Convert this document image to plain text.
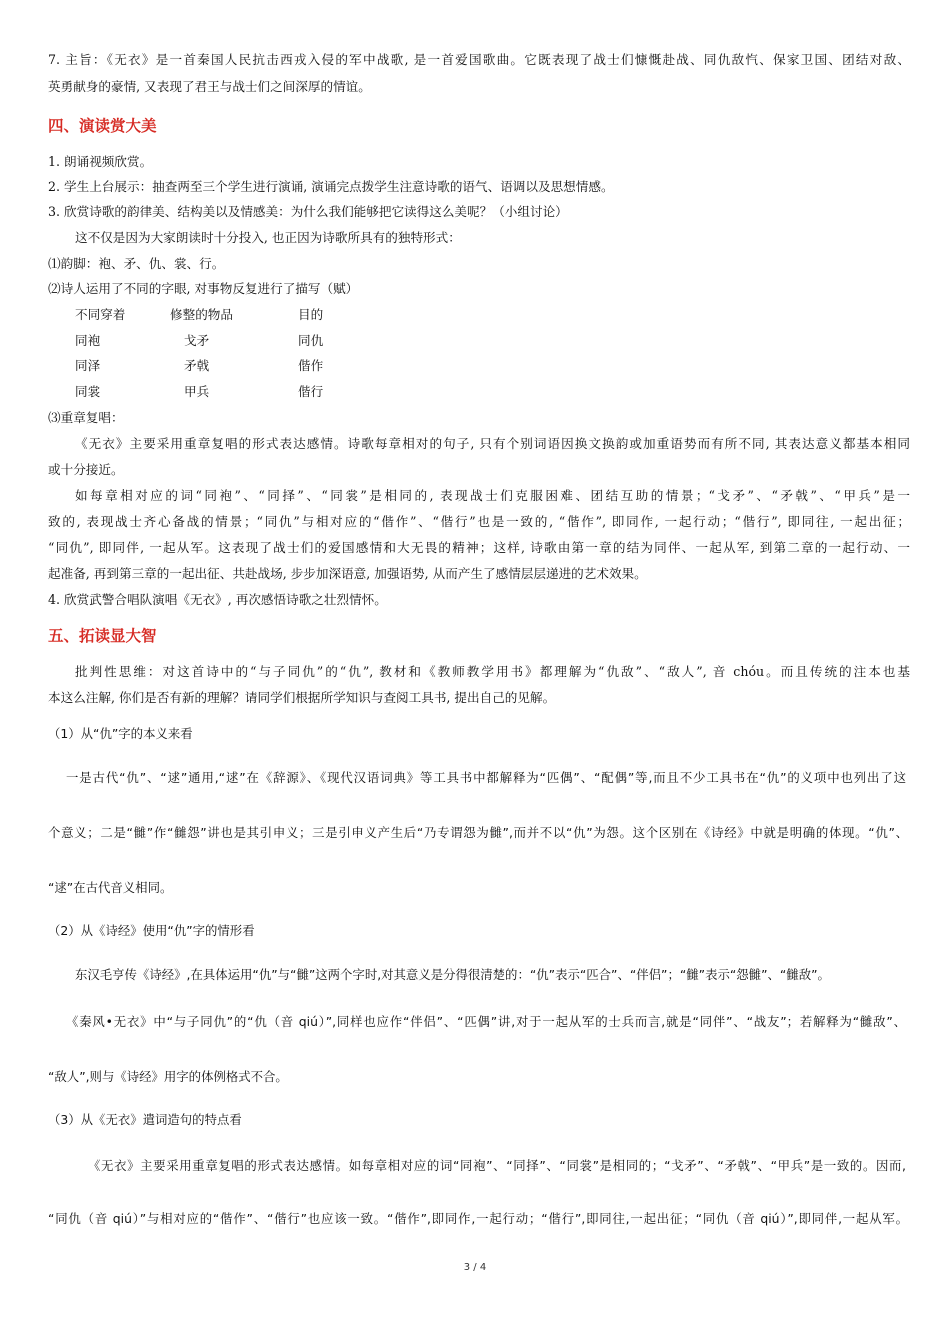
7. 主旨：《无衣》是一首秦国人民抗击西戎入侵的军中战歌, 是一首爱国歌曲。它既表现了战士们慷慨赴战、同仇敌忾、保家卫国、团结对敌、
英勇献身的豪情, 又表现了君王与战士们之间深厚的情谊。
四、演读赏大美
1. 朗诵视频欣赏。
2. 学生上台展示：抽查两至三个学生进行演诵, 演诵完点拨学生注意诗歌的语气、语调以及思想情感。
3. 欣赏诗歌的韵律美、结构美以及情感美：为什么我们能够把它读得这么美呢？（小组讨论）
这不仅是因为大家朗读时十分投入, 也正因为诗歌所具有的独特形式：
⑴韵脚：袍、矛、仇、裳、行。
⑵诗人运用了不同的字眼, 对事物反复进行了描写（赋）
不同穿着	修整的物品	目的
同袍	戈矛	同仇
同泽	矛戟	偕作
同裳	甲兵	偕行
⑶重章复唱：
《无衣》主要采用重章复唱的形式表达感情。诗歌每章相对的句子, 只有个别词语因换文换韵或加重语势而有所不同, 其表达意义都基本相同
或十分接近。
如每章相对应的词“同袍”、“同择”、“同裳”是相同的, 表现战士们克服困难、团结互助的情景；“戈矛”、“矛戟”、“甲兵”是一
致的, 表现战士齐心备战的情景；“同仇”与相对应的“偕作”、“偕行”也是一致的, “偕作”, 即同作, 一起行动；“偕行”, 即同往, 一起出征；
“同仇”, 即同伴, 一起从军。这表现了战士们的爱国感情和大无畏的精神；这样, 诗歌由第一章的结为同伴、一起从军, 到第二章的一起行动、一
起准备, 再到第三章的一起出征、共赴战场, 步步加深语意, 加强语势, 从而产生了感情层层递进的艺术效果。
4. 欣赏武警合唱队演唱《无衣》, 再次感悟诗歌之壮烈情怀。
五、拓读显大智
批判性思维：对这首诗中的“与子同仇”的“仇”, 教材和《教师教学用书》都理解为“仇敌”、“敌人”, 音 chóu。而且传统的注本也基
本这么注解, 你们是否有新的理解？请同学们根据所学知识与查阅工具书, 提出自己的见解。
（1）从“仇”字的本义来看
一是古代“仇”、“逑”通用,“逑”在《辞源》、《现代汉语词典》等工具书中都解释为“匹偶”、“配偶”等,而且不少工具书在“仇”的义项中也列出了这
个意义；二是“雠”作“雠怨”讲也是其引申义；三是引申义产生后“乃专谓怨为雠”,而并不以“仇”为怨。这个区别在《诗经》中就是明确的体现。“仇”、
“逑”在古代音义相同。
（2）从《诗经》使用“仇”字的情形看
东汉毛亨传《诗经》,在具体运用“仇”与“雠”这两个字时,对其意义是分得很清楚的：“仇”表示“匹合”、“伴侣”；“雠”表示“怨雠”、“雠敌”。
《秦风•无衣》中“与子同仇”的“仇（音 qiú）”,同样也应作“伴侣”、“匹偶”讲,对于一起从军的士兵而言,就是“同伴”、“战友”；若解释为“雠敌”、
“敌人”,则与《诗经》用字的体例格式不合。
（3）从《无衣》遣词造句的特点看
《无衣》主要采用重章复唱的形式表达感情。如每章相对应的词“同袍”、“同择”、“同裳”是相同的；“戈矛”、“矛戟”、“甲兵”是一致的。因而,
“同仇（音 qiú）”与相对应的“偕作”、“偕行”也应该一致。“偕作”,即同作,一起行动；“偕行”,即同往,一起出征；“同仇（音 qiú）”,即同伴,一起从军。
3 / 4
